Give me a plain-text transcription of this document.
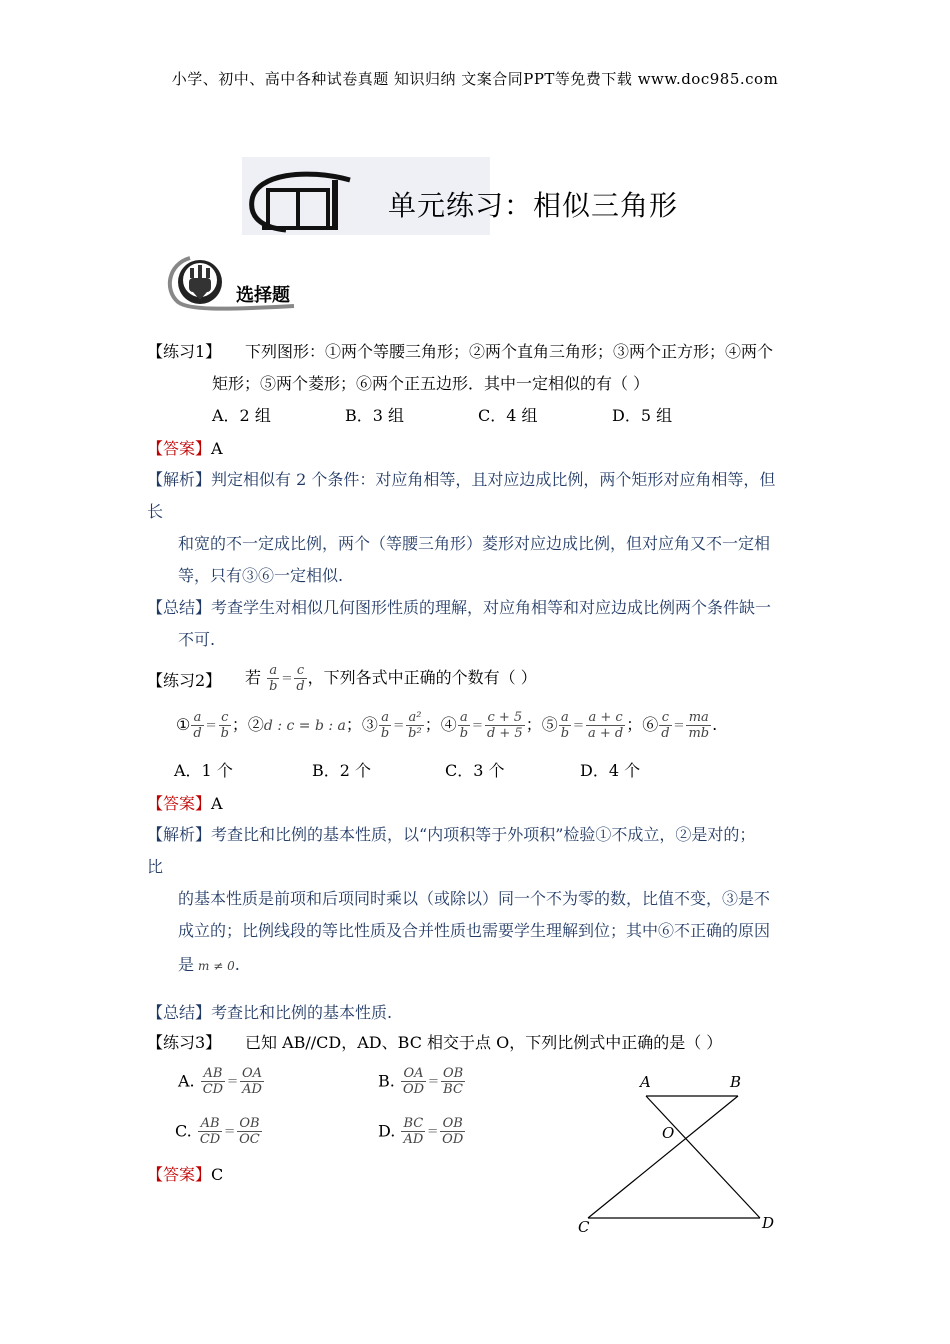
小学、初中、高中各种试卷真题 知识归纳 文案合同PPT等免费下载 www.doc985.com
单元练习：相似三角形
选择题
【练习1】 下列图形：①两个等腰三角形；②两个直角三角形；③两个正方形；④两个
矩形；⑤两个菱形；⑥两个正五边形．其中一定相似的有（ ）
A．2 组	B．3 组	C．4 组	D．5 组
【答案】A
【解析】判定相似有 2 个条件：对应角相等，且对应边成比例，两个矩形对应角相等，但
长
和宽的不一定成比例，两个（等腰三角形）菱形对应边成比例，但对应角又不一定相
等，只有③⑥一定相似.
【总结】考查学生对相似几何图形性质的理解，对应角相等和对应边成比例两个条件缺一
不可.
【练习2】 若 $\frac{a}{b} = \frac{c}{d}$ ，下列各式中正确的个数有（ ）
① $\frac{a}{d} = \frac{c}{b}$ ；②d : c = b : a；③ $\frac{a}{b} = \frac{\text{a²}}{\text{b²}}$ ；④ $\frac{a}{b} = \frac{c + 5}{d + 5}$ ；⑤ $\frac{a}{b} = \frac{a + c}{a + d}$ ；⑥ $\frac{c}{d} = \frac{ma}{mb}$ .
A．1 个	B．2 个	C．3 个	D．4 个
【答案】A
【解析】考查比和比例的基本性质，以“内项积等于外项积”检验①不成立，②是对的；
比
的基本性质是前项和后项同时乘以（或除以）同一个不为零的数，比值不变，③是不
成立的；比例线段的等比性质及合并性质也需要学生理解到位；其中⑥不正确的原因
是 m ≠ 0.
【总结】考查比和比例的基本性质.
【练习3】 已知 AB//CD，AD、BC 相交于点 O，下列比例式中正确的是（ ）
A. $\frac{AB}{CD} = \frac{OA}{AD}$	B. $\frac{OA}{OD} = \frac{OB}{BC}$
C. $\frac{AB}{CD} = \frac{OB}{OC}$	D. $\frac{BC}{AD} = \frac{OB}{OD}$
【答案】C
A	B
O
C	D
